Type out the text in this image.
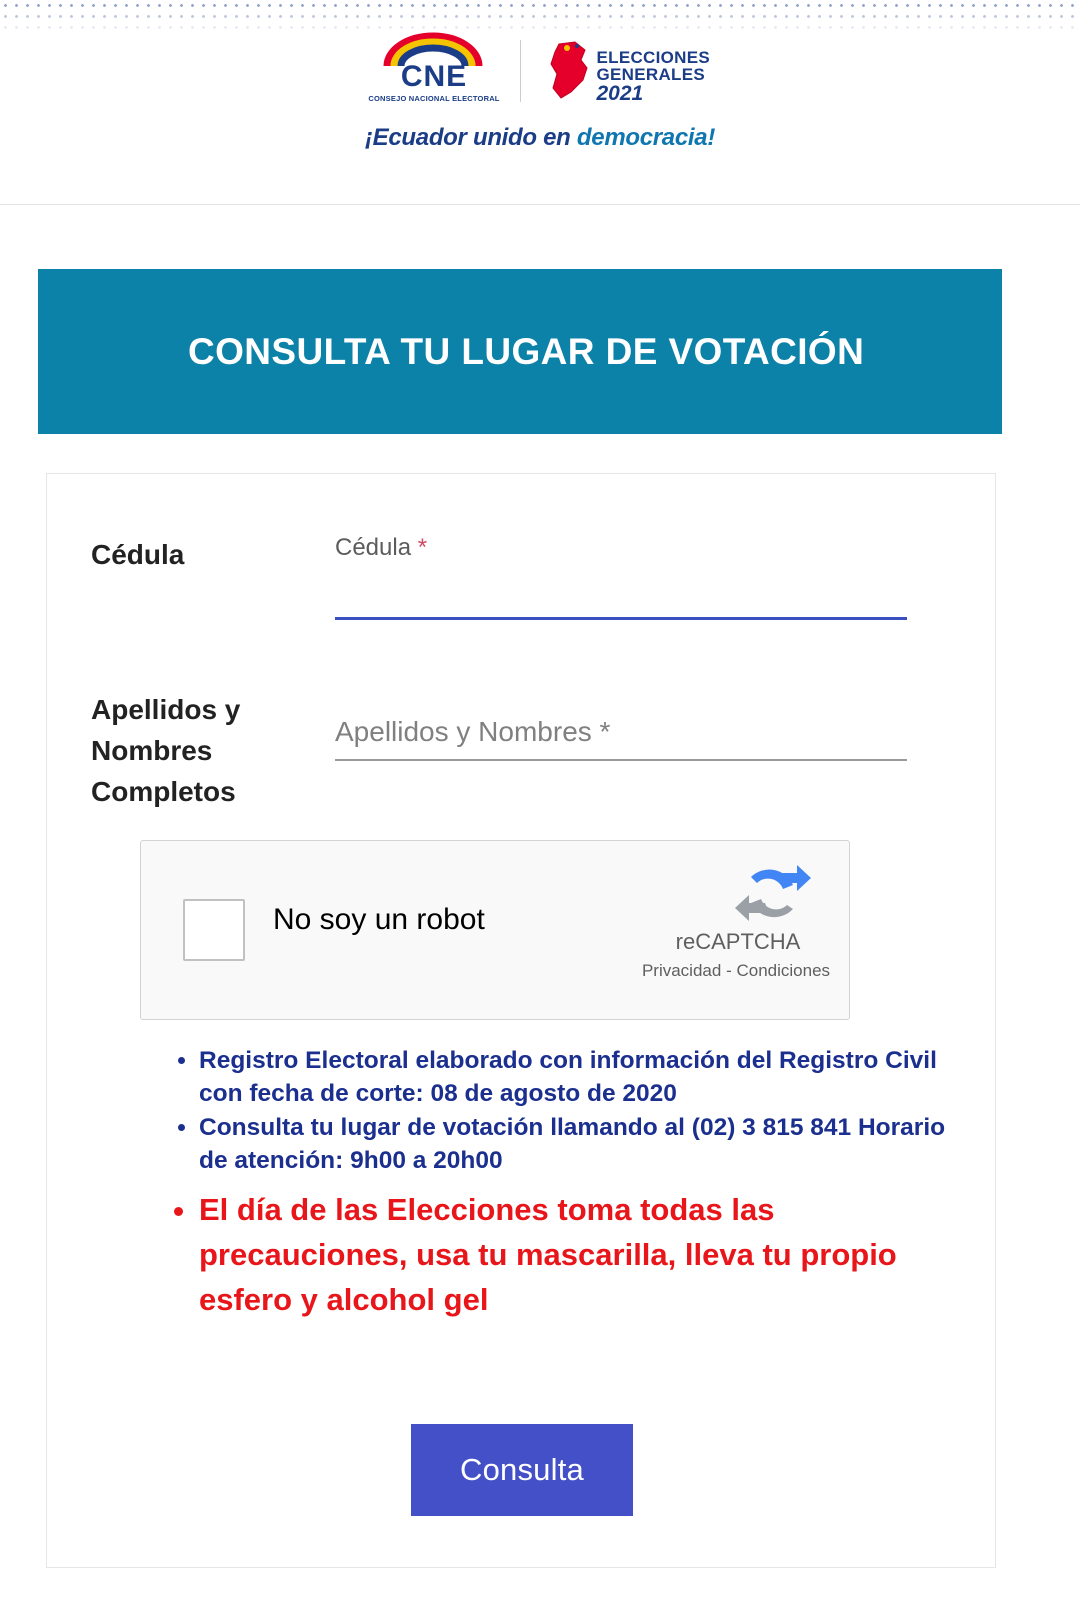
CNE
CONSEJO NACIONAL ELECTORAL
ELECCIONES
GENERALES
2021
¡Ecuador unido en democracia!
CONSULTA TU LUGAR DE VOTACIÓN
Cédula	Cédula *
Apellidos y Nombres Completos
Apellidos y Nombres *
No soy un robot
reCAPTCHA
Privacidad - Condiciones
• Registro Electoral elaborado con información del Registro Civil con fecha de corte: 08 de agosto de 2020
• Consulta tu lugar de votación llamando al (02) 3 815 841 Horario de atención: 9h00 a 20h00
• El día de las Elecciones toma todas las precauciones, usa tu mascarilla, lleva tu propio esfero y alcohol gel
Consulta
